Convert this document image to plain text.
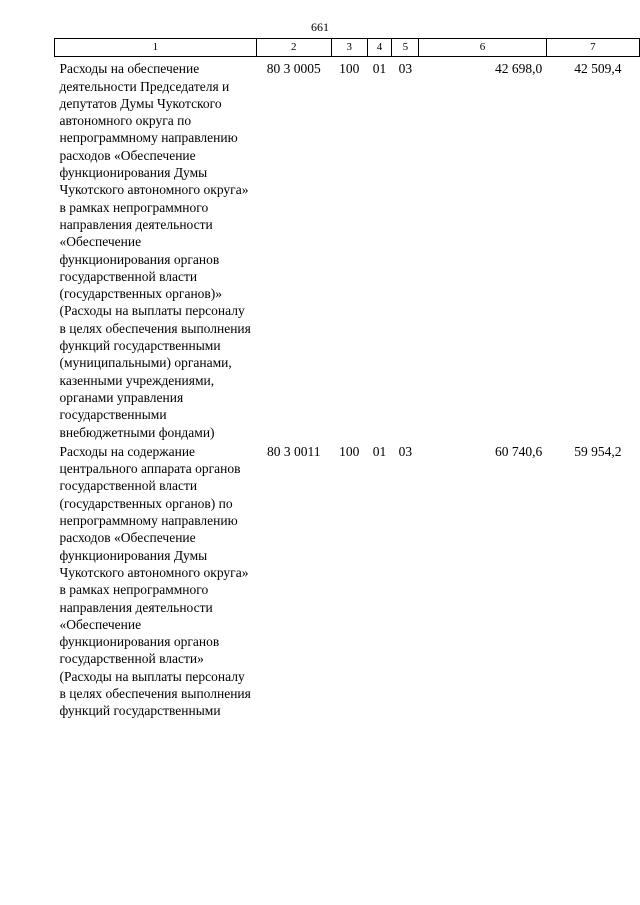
661
1	2	3	4	5	6	7
Расходы на обеспечение деятельности Председателя и депутатов Думы Чукотского автономного округа по непрограммному направлению расходов «Обеспечение функционирования Думы Чукотского автономного округа» в рамках непрограммного направления деятельности «Обеспечение функционирования органов государственной власти (государственных органов)» (Расходы на выплаты персоналу в целях обеспечения выполнения функций государственными (муниципальными) органами, казенными учреждениями, органами управления государственными внебюджетными фондами)	80 3 0005	100	01	03	42 698,0	42 509,4
Расходы на содержание центрального аппарата органов государственной власти (государственных органов) по непрограммному направлению расходов «Обеспечение функционирования Думы Чукотского автономного округа» в рамках непрограммного направления деятельности «Обеспечение функционирования органов государственной власти» (Расходы на выплаты персоналу в целях обеспечения выполнения функций государственными	80 3 0011	100	01	03	60 740,6	59 954,2
